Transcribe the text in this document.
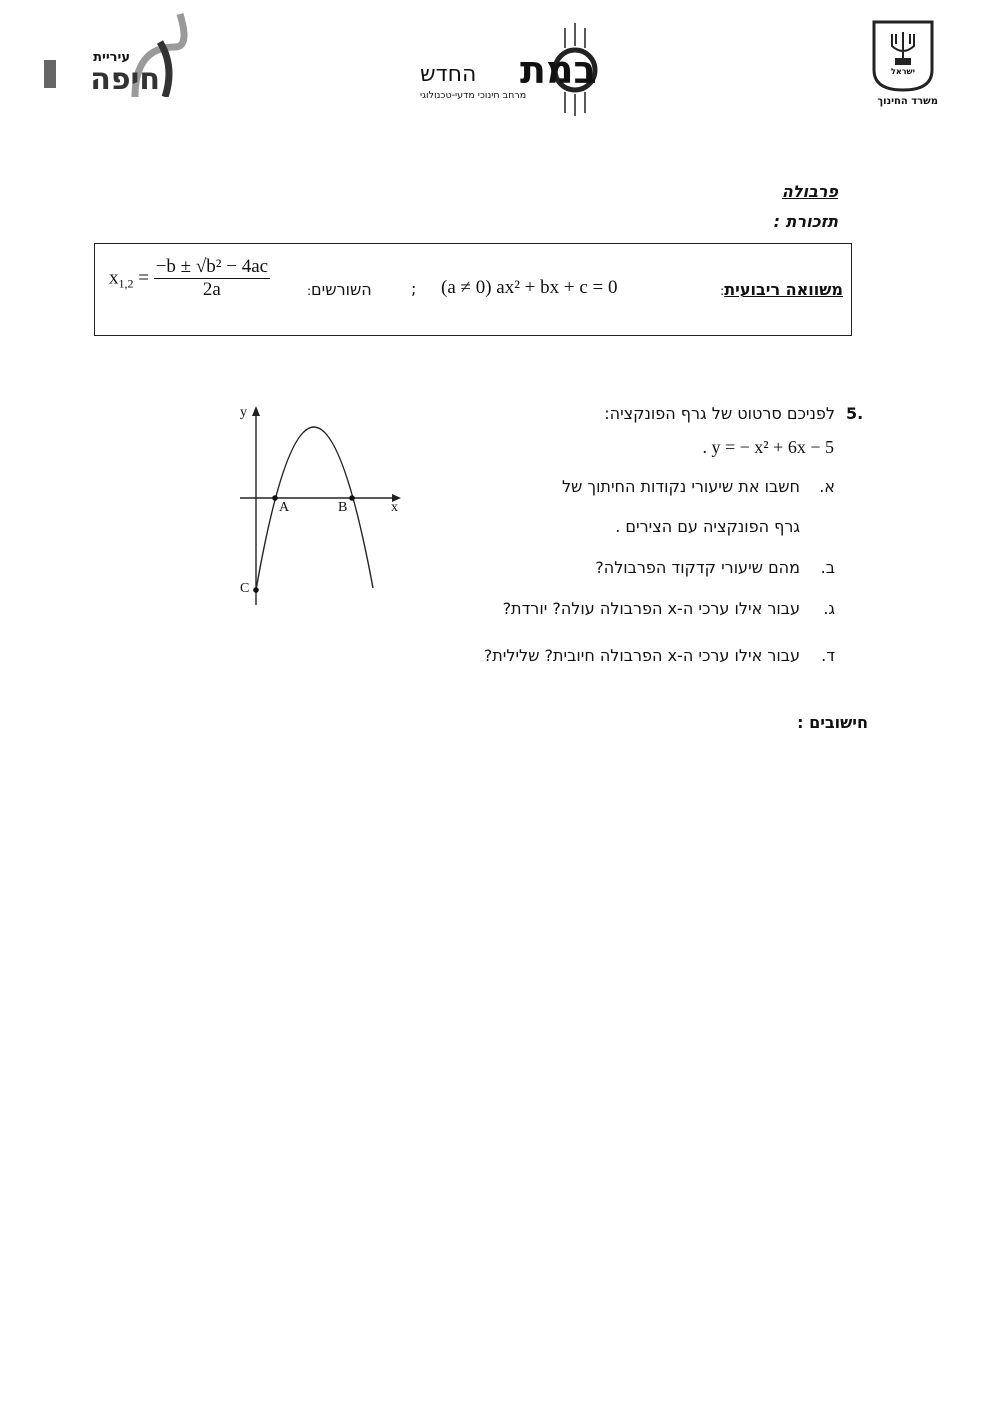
עיריית
חיפה	במת
החדש
מרחב חינוכי מדעי-טכנולוגי
ישראל
משרד החינוך
פרבולה
תזכורת :
משוואה ריבועית:
(a ≠ 0) ax² + bx + c = 0
;
השורשים:
$x_{1,2} = \frac{\text{−b ± √b² − 4ac}}{2a}$
y
x
A	B
C
5.
לפניכם סרטוט של גרף הפונקציה:
. y = − x² + 6x − 5
א.
חשבו את שיעורי נקודות החיתוך של
גרף הפונקציה עם הצירים .
ב.
מהם שיעורי קדקוד הפרבולה?
ג.
עבור אילו ערכי ה-x הפרבולה עולה? יורדת?
ד.
עבור אילו ערכי ה-x הפרבולה חיובית? שלילית?
חישובים :
